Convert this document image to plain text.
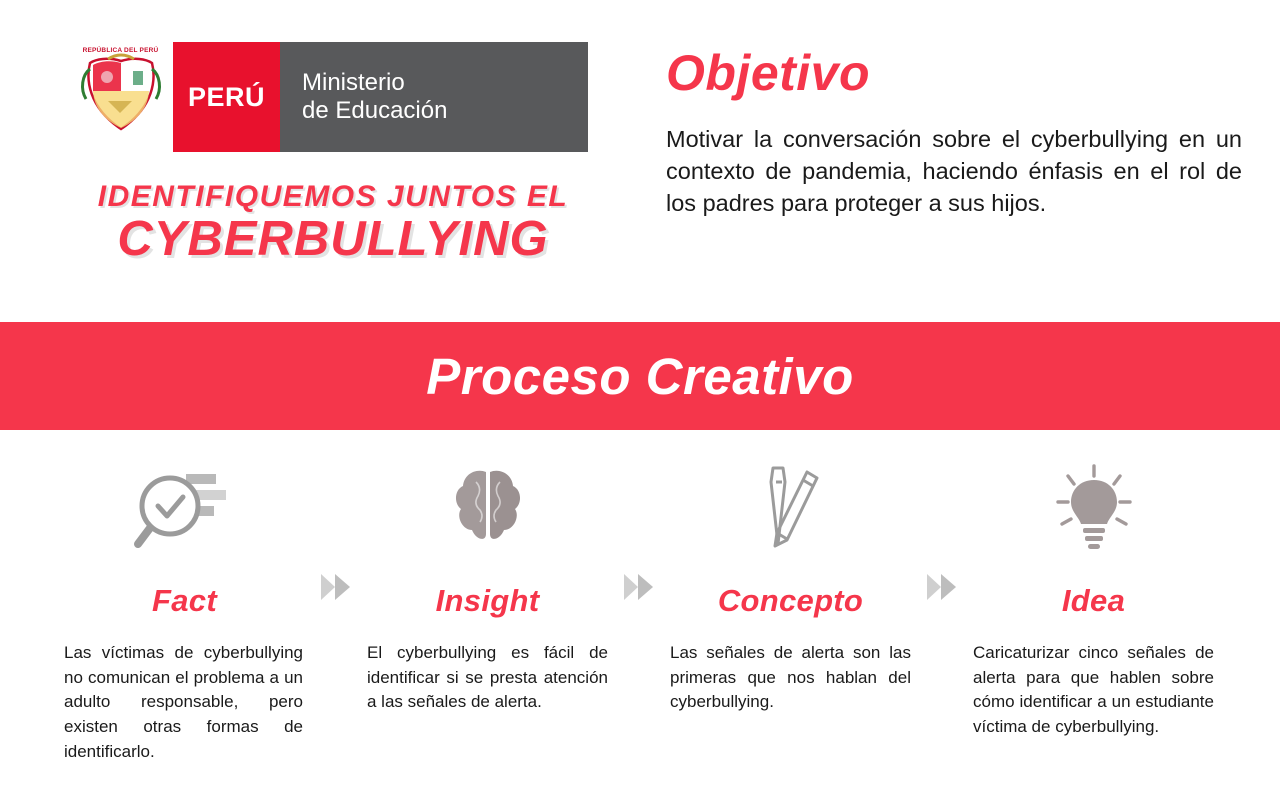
REPÚBLICA DEL PERÚ
PERÚ Ministerio
de Educación
IDENTIFIQUEMOS JUNTOS EL
CYBERBULLYING
Objetivo

Motivar la conversación sobre el cyberbullying en un contexto de pandemia, haciendo énfasis en el rol de los padres para proteger a sus hijos.

Proceso Creativo
Fact
Las víctimas de cyberbullying no comunican el problema a un adulto responsable, pero existen otras formas de identificarlo.
Insight
El cyberbullying es fácil de identificar si se presta atención a las señales de alerta.
Concepto
Las señales de alerta son las primeras que nos hablan del cyberbullying.
Idea
Caricaturizar cinco señales de alerta para que hablen sobre cómo identificar a un estudiante víctima de cyberbullying.
